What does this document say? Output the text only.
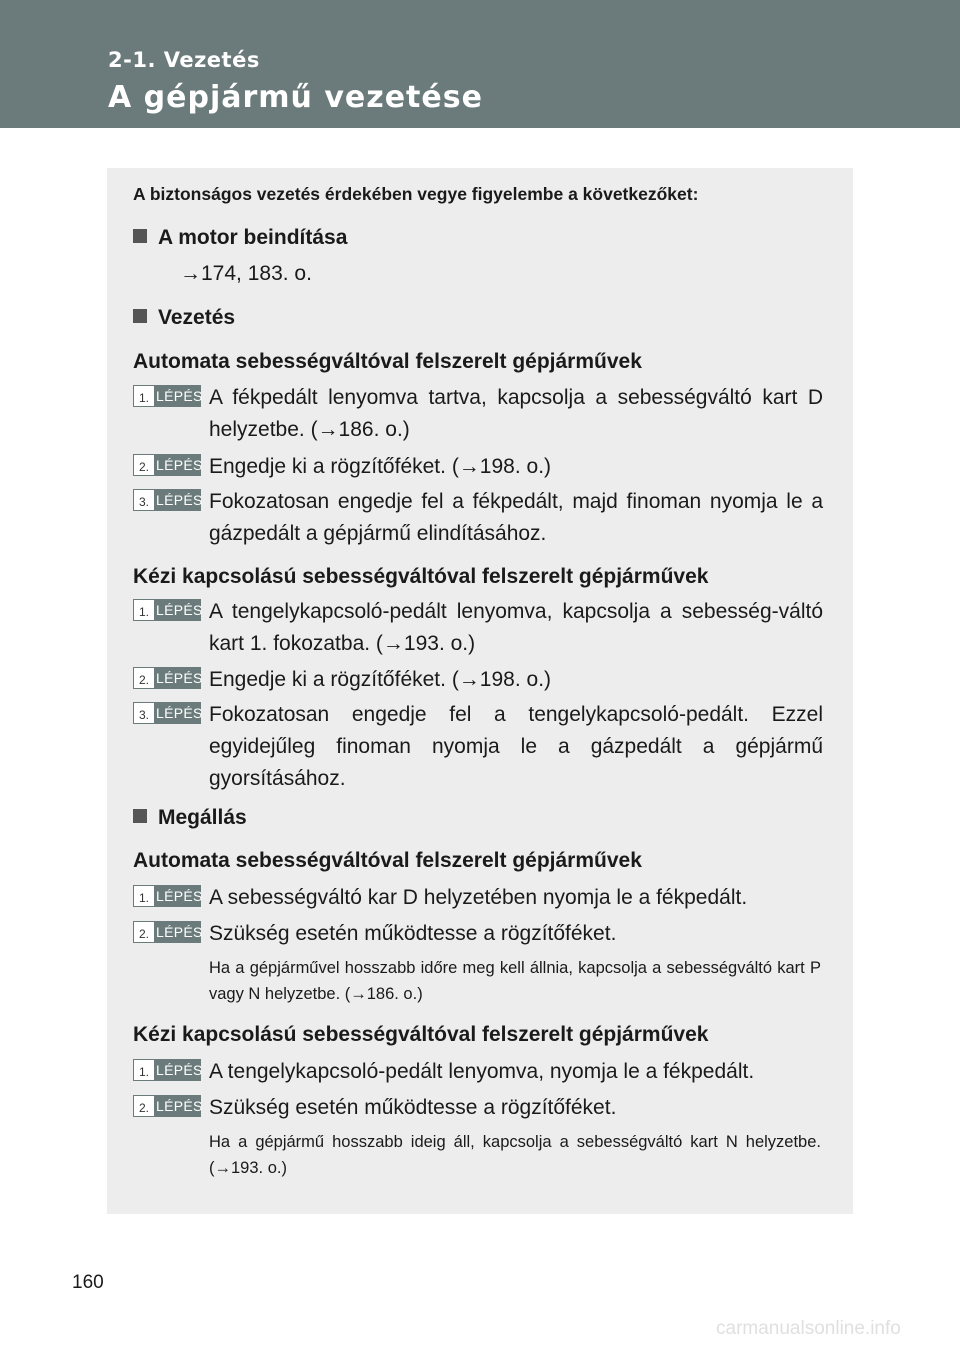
2-1. Vezetés
A gépjármű vezetése
A biztonságos vezetés érdekében vegye figyelembe a következőket:
A motor beindítása
→174, 183. o.
Vezetés
Automata sebességváltóval felszerelt gépjárművek
1. LÉPÉS A fékpedált lenyomva tartva, kapcsolja a sebességváltó kart D helyzetbe. (→186. o.)
2. LÉPÉS Engedje ki a rögzítőféket. (→198. o.)
3. LÉPÉS Fokozatosan engedje fel a fékpedált, majd finoman nyomja le a gázpedált a gépjármű elindításához.
Kézi kapcsolású sebességváltóval felszerelt gépjárművek
1. LÉPÉS A tengelykapcsoló-pedált lenyomva, kapcsolja a sebesség-váltó kart 1. fokozatba. (→193. o.)
2. LÉPÉS Engedje ki a rögzítőféket. (→198. o.)
3. LÉPÉS Fokozatosan engedje fel a tengelykapcsoló-pedált. Ezzel egyidejűleg finoman nyomja le a gázpedált a gépjármű gyorsításához.
Megállás
Automata sebességváltóval felszerelt gépjárművek
1. LÉPÉS A sebességváltó kar D helyzetében nyomja le a fékpedált.
2. LÉPÉS Szükség esetén működtesse a rögzítőféket.
Ha a gépjárművel hosszabb időre meg kell állnia, kapcsolja a sebességváltó kart P vagy N helyzetbe. (→186. o.)
Kézi kapcsolású sebességváltóval felszerelt gépjárművek
1. LÉPÉS A tengelykapcsoló-pedált lenyomva, nyomja le a fékpedált.
2. LÉPÉS Szükség esetén működtesse a rögzítőféket.
Ha a gépjármű hosszabb ideig áll, kapcsolja a sebességváltó kart N helyzetbe. (→193. o.)
160
carmanualsonline.info
